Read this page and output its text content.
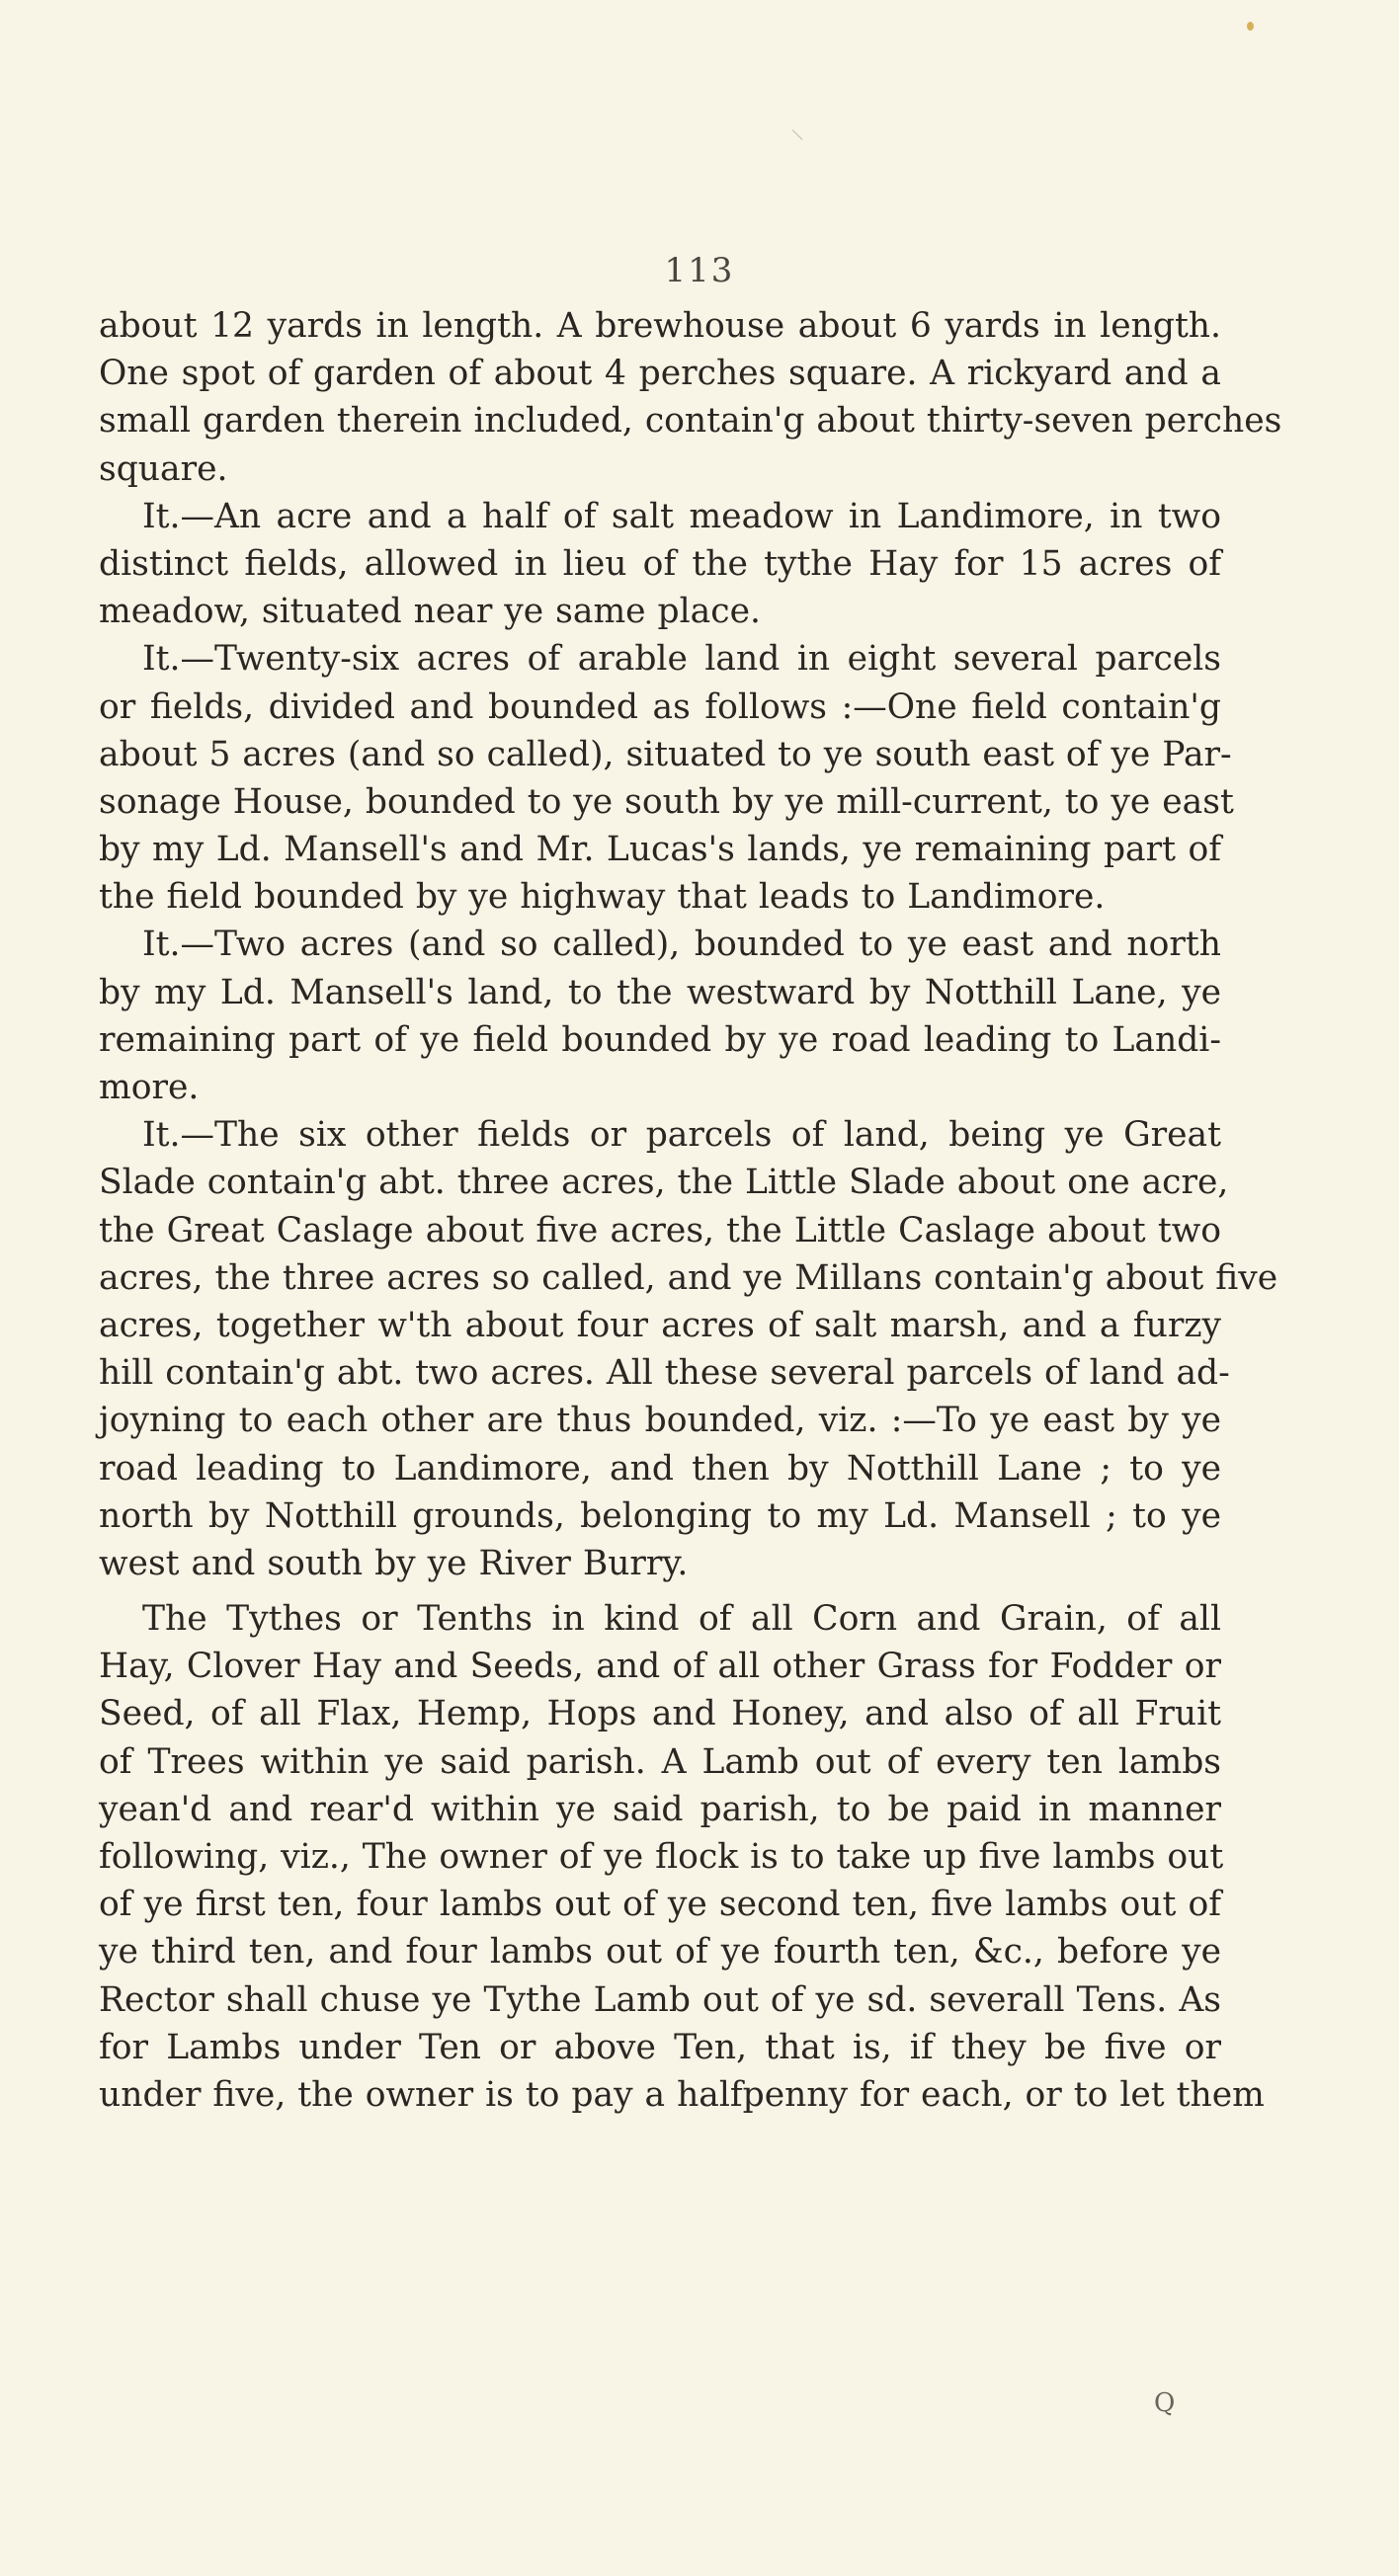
113
about 12 yards in length. A brewhouse about 6 yards in length.
One spot of garden of about 4 perches square. A rickyard and a
small garden therein included, contain'g about thirty-seven perches
square.
It.—An acre and a half of salt meadow in Landimore, in two
distinct fields, allowed in lieu of the tythe Hay for 15 acres of
meadow, situated near ye same place.
It.—Twenty-six acres of arable land in eight several parcels
or fields, divided and bounded as follows :—One field contain'g
about 5 acres (and so called), situated to ye south east of ye Par-
sonage House, bounded to ye south by ye mill-current, to ye east
by my Ld. Mansell's and Mr. Lucas's lands, ye remaining part of
the field bounded by ye highway that leads to Landimore.
It.—Two acres (and so called), bounded to ye east and north
by my Ld. Mansell's land, to the westward by Notthill Lane, ye
remaining part of ye field bounded by ye road leading to Landi-
more.
It.—The six other fields or parcels of land, being ye Great
Slade contain'g abt. three acres, the Little Slade about one acre,
the Great Caslage about five acres, the Little Caslage about two
acres, the three acres so called, and ye Millans contain'g about five
acres, together w'th about four acres of salt marsh, and a furzy
hill contain'g abt. two acres. All these several parcels of land ad-
joyning to each other are thus bounded, viz. :—To ye east by ye
road leading to Landimore, and then by Notthill Lane ; to ye
north by Notthill grounds, belonging to my Ld. Mansell ; to ye
west and south by ye River Burry.
The Tythes or Tenths in kind of all Corn and Grain, of all
Hay, Clover Hay and Seeds, and of all other Grass for Fodder or
Seed, of all Flax, Hemp, Hops and Honey, and also of all Fruit
of Trees within ye said parish. A Lamb out of every ten lambs
yean'd and rear'd within ye said parish, to be paid in manner
following, viz., The owner of ye flock is to take up five lambs out
of ye first ten, four lambs out of ye second ten, five lambs out of
ye third ten, and four lambs out of ye fourth ten, &c., before ye
Rector shall chuse ye Tythe Lamb out of ye sd. severall Tens. As
for Lambs under Ten or above Ten, that is, if they be five or
under five, the owner is to pay a halfpenny for each, or to let them
Q
